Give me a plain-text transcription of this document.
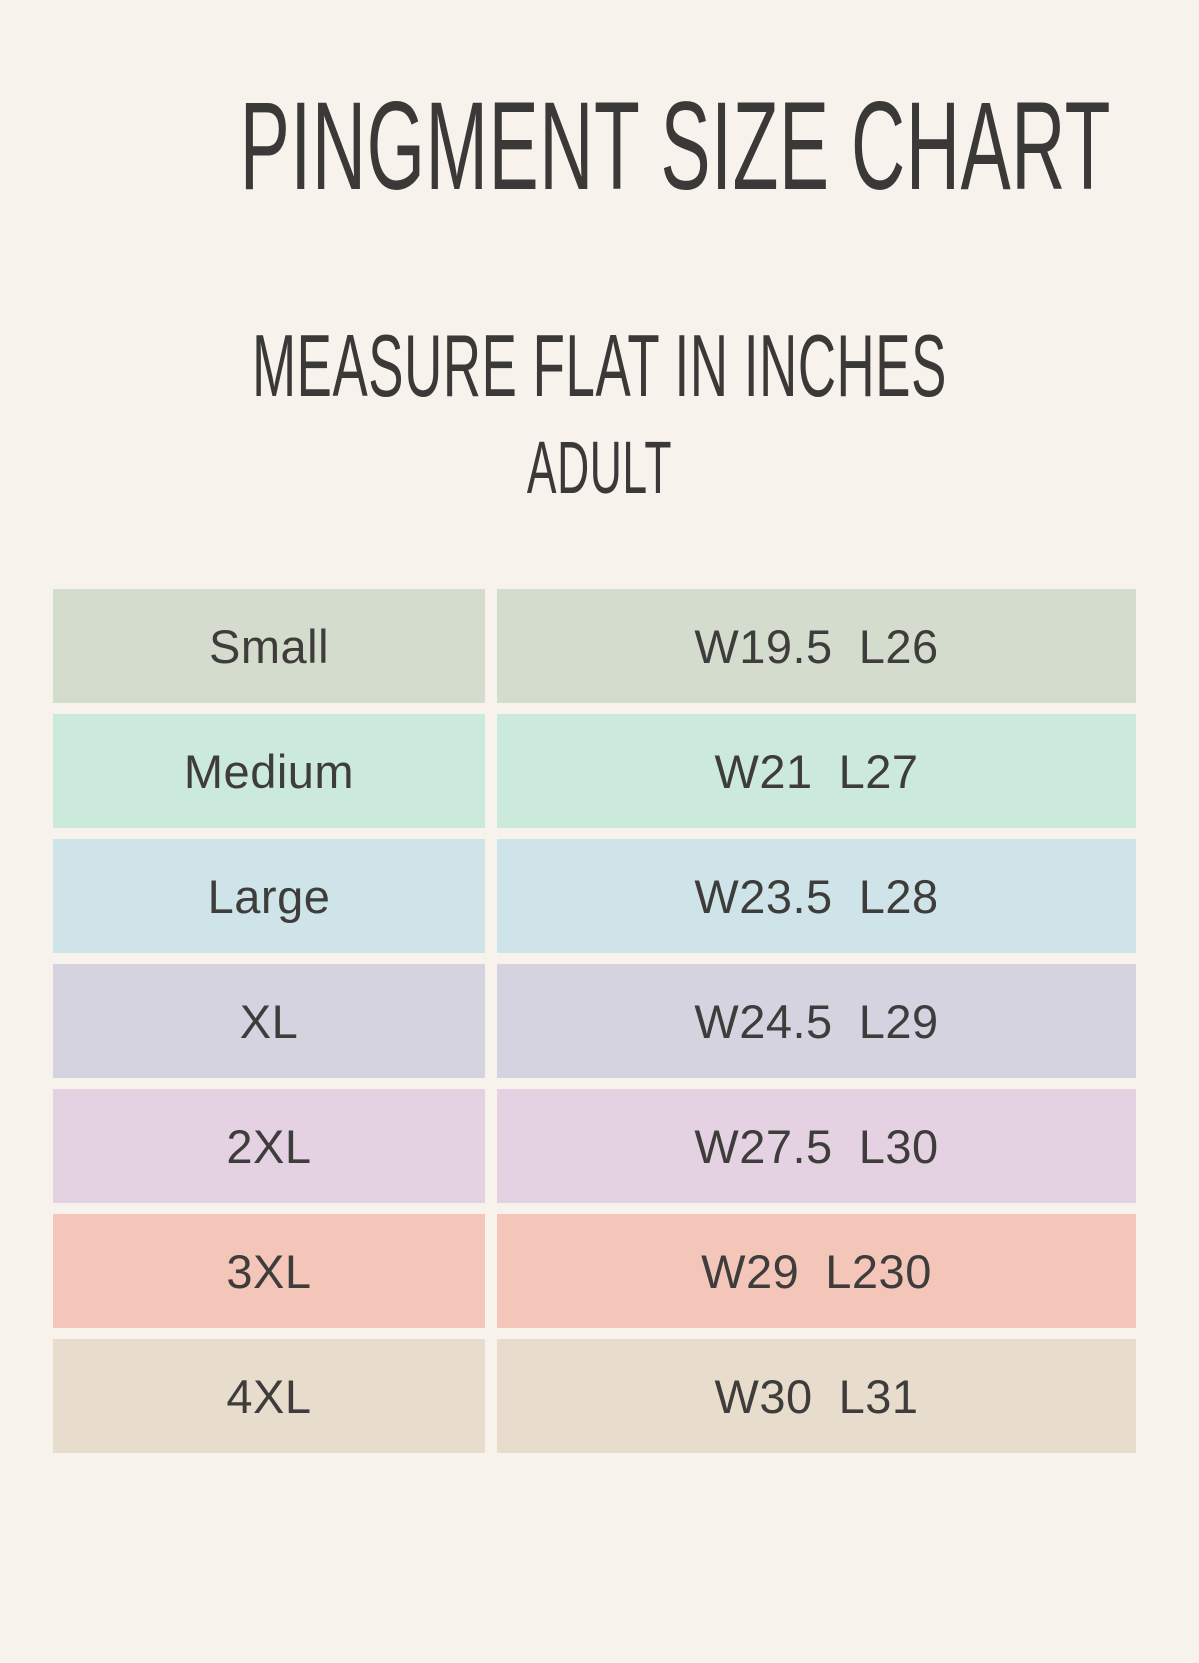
PINGMENT SIZE CHART
MEASURE FLAT IN INCHES
ADULT
Small	W19.5 L26
Medium	W21 L27
Large	W23.5 L28
XL	W24.5 L29
2XL	W27.5 L30
3XL	W29 L230
4XL	W30 L31
